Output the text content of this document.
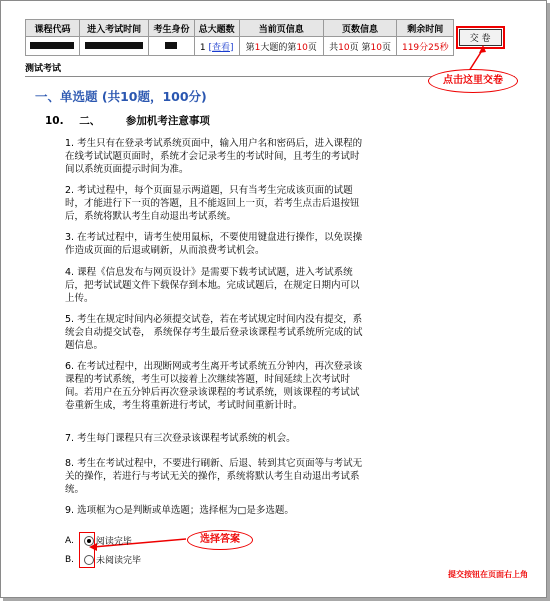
课程代码	进入考试时间	考生身份	总大题数	当前页信息	页数信息	剩余时间	交 卷
			1 [查看]	第1大题的第10页	共10页 第10页	119分25秒	
测试考试
点击这里交卷
一、单选题 (共10题，100分)
10. 二、 参加机考注意事项

1. 考生只有在登录考试系统页面中，输入用户名和密码后，进入课程的在线考试试题页面时，系统才会记录考生的考试时间，且考生的考试时间以系统页面提示时间为准。

2. 考试过程中，每个页面显示两道题，只有当考生完成该页面的试题时，才能进行下一页的答题，且不能返回上一页，若考生点击后退按钮后，系统将默认考生自动退出考试系统。

3. 在考试过程中，请考生使用鼠标，不要使用键盘进行操作，以免误操作造成页面的后退或刷新，从而浪费考试机会。

4. 课程《信息发布与网页设计》是需要下载考试试题，进入考试系统后，把考试试题文件下载保存到本地。完成试题后，在规定日期内可以上传。

5. 考生在规定时间内必须提交试卷，若在考试规定时间内没有提交，系统会自动提交试卷， 系统保存考生最后登录该课程考试系统所完成的试题信息。

6. 在考试过程中，出现断网或考生离开考试系统五分钟内，再次登录该课程的考试系统，考生可以接着上次继续答题，时间延续上次考试时间。若用户在五分钟后再次登录该课程的考试系统，则该课程的考试试卷重新生成，考生将重新进行考试，考试时间重新计时。

7. 考生每门课程只有三次登录该课程考试系统的机会。

8. 考生在考试过程中，不要进行刷新、后退、转到其它页面等与考试无关的操作，若进行与考试无关的操作，系统将默认考生自动退出考试系统。

9. 选项框为○是判断或单选题；选择框为□是多选题。

A. 阅读完毕
B. 未阅读完毕
选择答案
提交按钮在页面右上角
